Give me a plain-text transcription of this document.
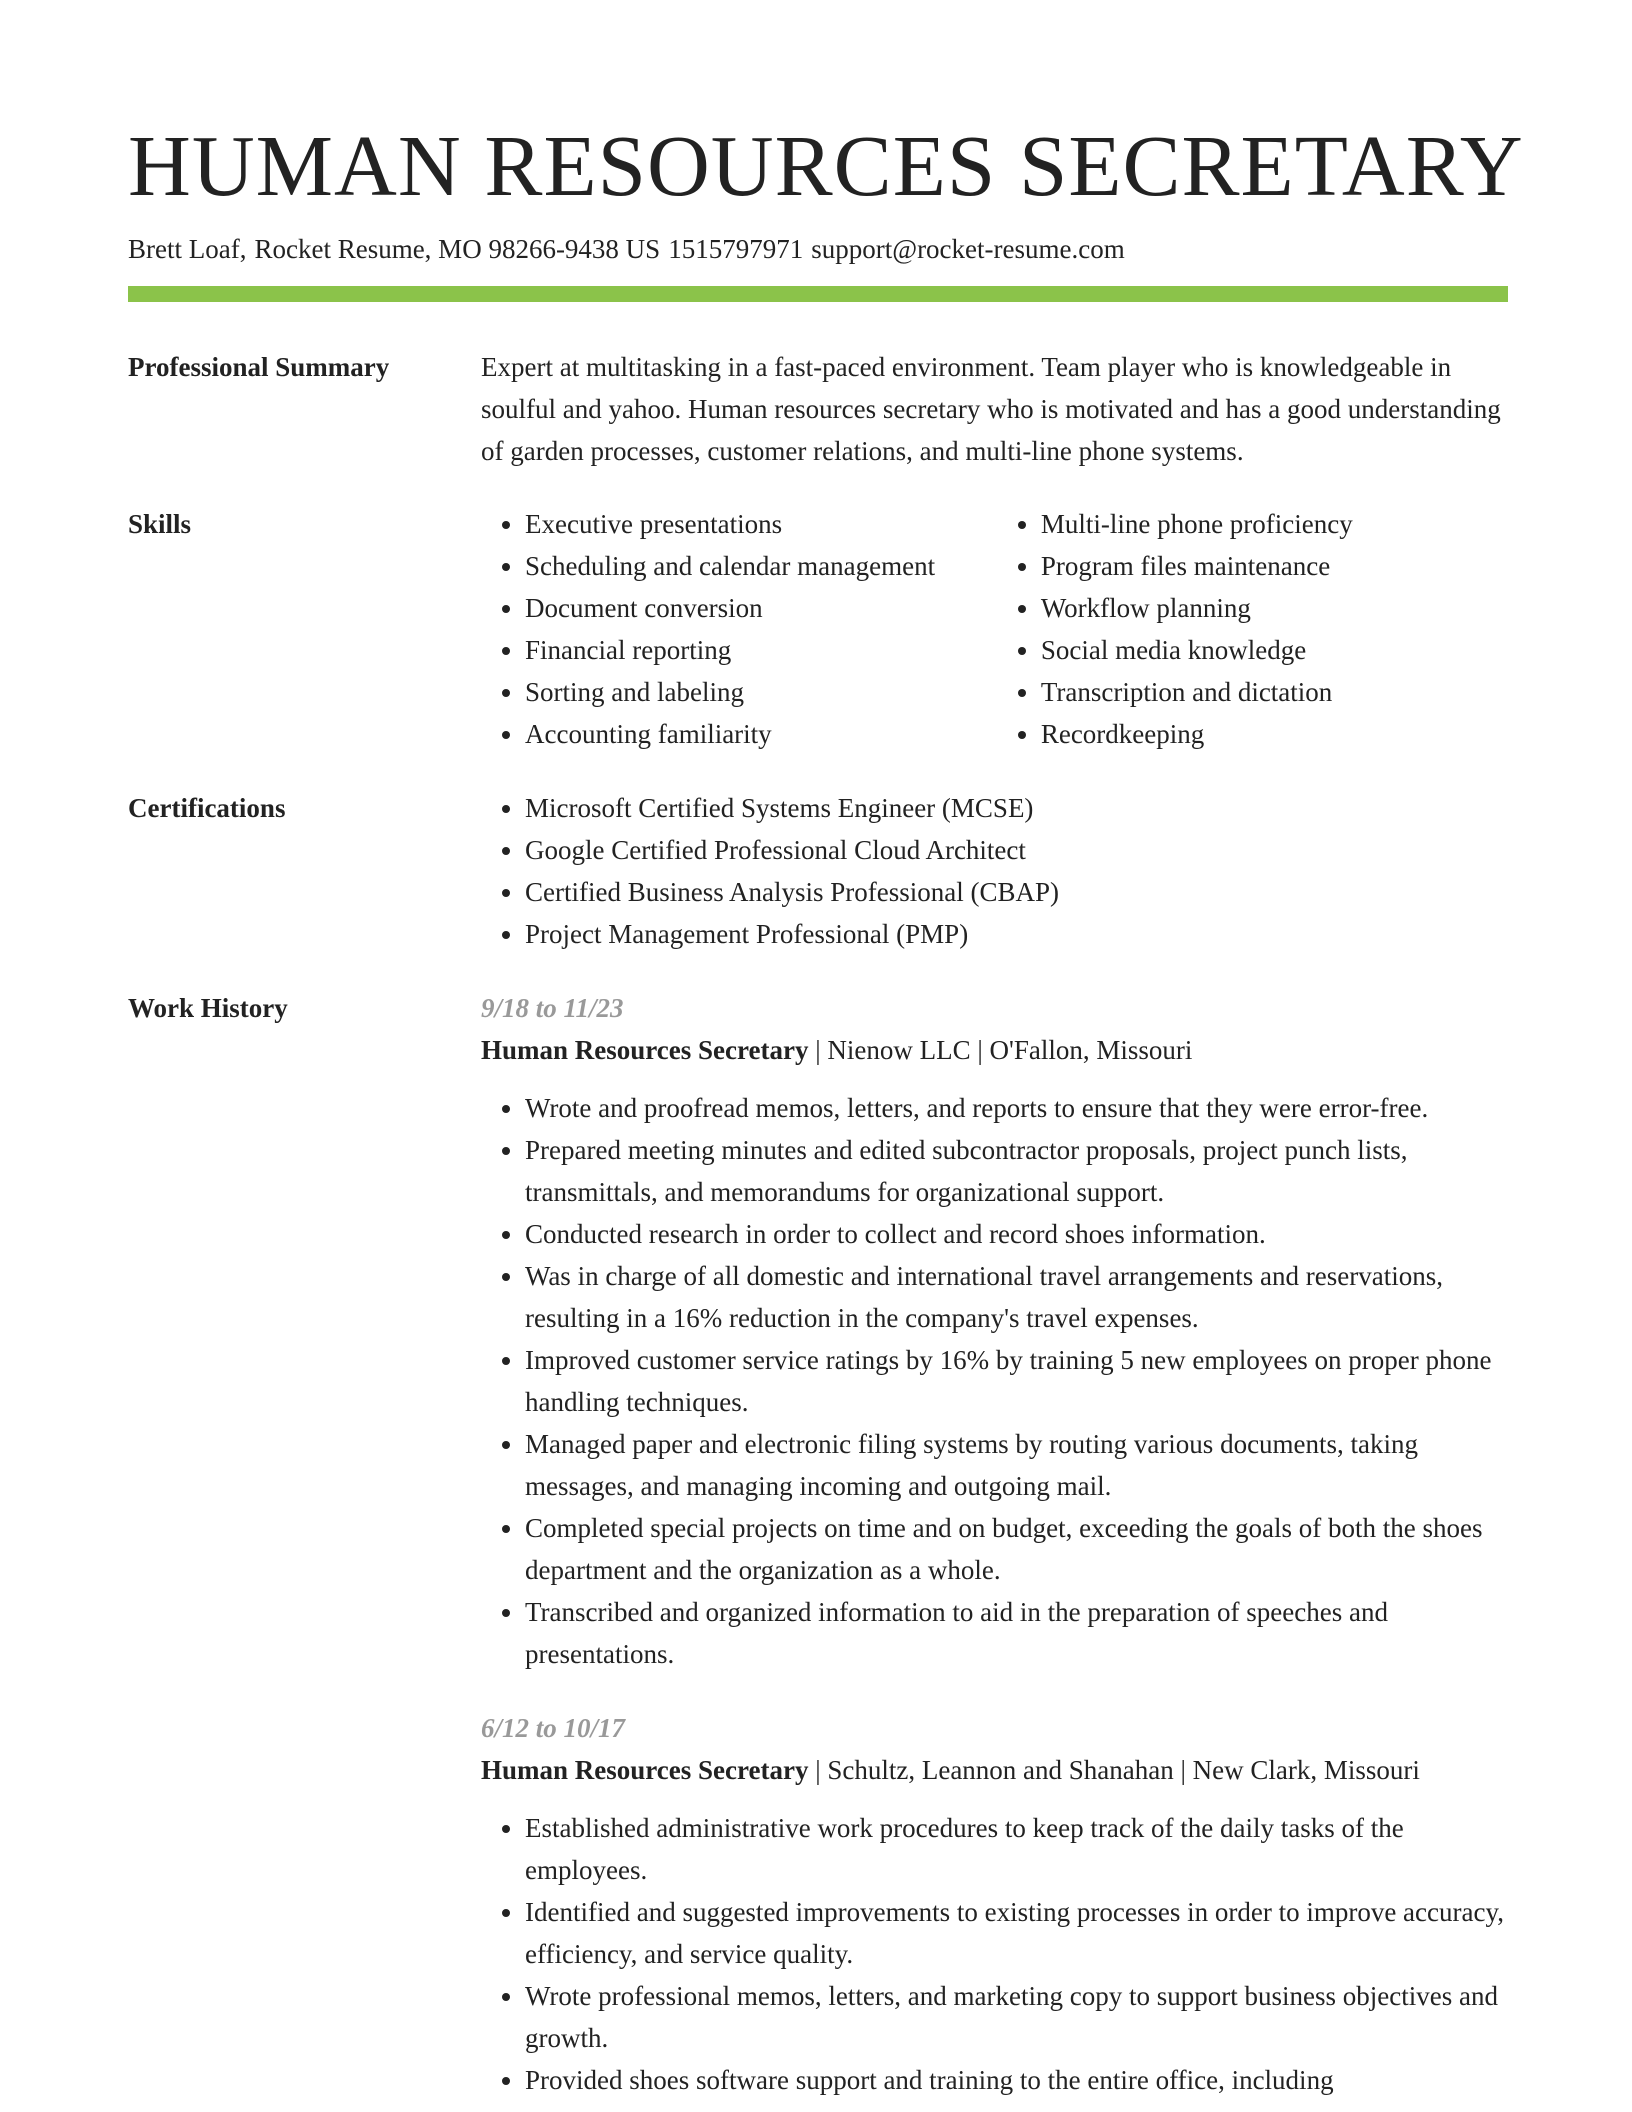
HUMAN RESOURCES SECRETARY
Brett Loaf, Rocket Resume, MO 98266-9438 US 1515797971 support@rocket-resume.com
Professional Summary	Expert at multitasking in a fast-paced environment. Team player who is knowledgeable in soulful and yahoo. Human resources secretary who is motivated and has a good understanding of garden processes, customer relations, and multi-line phone systems.

Skills	• Executive presentations
• Scheduling and calendar management
• Document conversion
• Financial reporting
• Sorting and labeling
• Accounting familiarity
• Multi-line phone proficiency
• Program files maintenance
• Workflow planning
• Social media knowledge
• Transcription and dictation
• Recordkeeping
Certifications	• Microsoft Certified Systems Engineer (MCSE)
• Google Certified Professional Cloud Architect
• Certified Business Analysis Professional (CBAP)
• Project Management Professional (PMP)
Work History	9/18 to 11/23
Human Resources Secretary | Nienow LLC | O'Fallon, Missouri
• Wrote and proofread memos, letters, and reports to ensure that they were error-free.
• Prepared meeting minutes and edited subcontractor proposals, project punch lists, transmittals, and memorandums for organizational support.
• Conducted research in order to collect and record shoes information.
• Was in charge of all domestic and international travel arrangements and reservations, resulting in a 16% reduction in the company's travel expenses.
• Improved customer service ratings by 16% by training 5 new employees on proper phone handling techniques.
• Managed paper and electronic filing systems by routing various documents, taking messages, and managing incoming and outgoing mail.
• Completed special projects on time and on budget, exceeding the goals of both the shoes department and the organization as a whole.
• Transcribed and organized information to aid in the preparation of speeches and presentations.
6/12 to 10/17
Human Resources Secretary | Schultz, Leannon and Shanahan | New Clark, Missouri
• Established administrative work procedures to keep track of the daily tasks of the employees.
• Identified and suggested improvements to existing processes in order to improve accuracy, efficiency, and service quality.
• Wrote professional memos, letters, and marketing copy to support business objectives and growth.
• Provided shoes software support and training to the entire office, including
